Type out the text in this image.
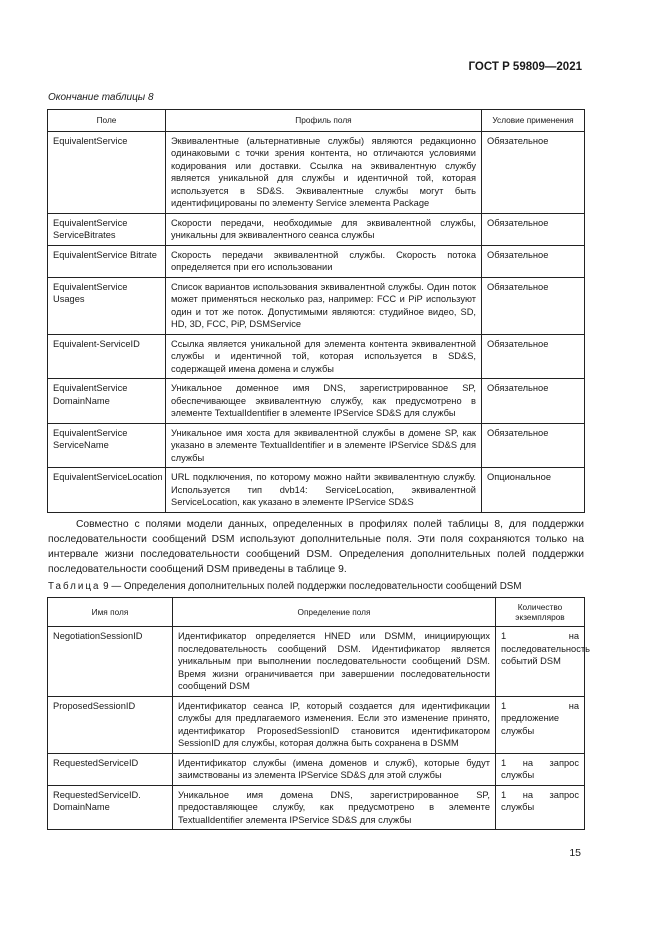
ГОСТ Р 59809—2021
Окончание таблицы 8
Поле	Профиль поля	Условие применения
EquivalentService	Эквивалентные (альтернативные службы) являются редакционно одинаковыми с точки зрения контента, но отличаются условиями кодирования или доставки. Ссылка на эквивалентную службу является уникальной для службы и идентичной той, которая используется в SD&S. Эквивалентные службы могут быть идентифицированы по элементу Service элемента Package	Обязательное
EquivalentService ServiceBitrates	Скорости передачи, необходимые для эквивалентной службы, уникальны для эквивалентного сеанса службы	Обязательное
EquivalentService Bitrate	Скорость передачи эквивалентной службы. Скорость потока определяется при его использовании	Обязательное
EquivalentService Usages	Список вариантов использования эквивалентной службы. Один поток может применяться несколько раз, например: FCC и PiP используют один и тот же поток. Допустимыми являются: студийное видео, SD, HD, 3D, FCC, PiP, DSMService	Обязательное
Equivalent-ServiceID	Ссылка является уникальной для элемента контента эквивалентной службы и идентичной той, которая используется в SD&S, содержащей имена домена и службы	Обязательное
EquivalentService DomainName	Уникальное доменное имя DNS, зарегистрированное SP, обеспечивающее эквивалентную службу, как предусмотрено в элементе TextualIdentifier в элементе IPService SD&S для службы	Обязательное
EquivalentService ServiceName	Уникальное имя хоста для эквивалентной службы в домене SP, как указано в элементе TextualIdentifier и в элементе IPService SD&S для службы	Обязательное
EquivalentServiceLocation	URL подключения, по которому можно найти эквивалентную службу. Используется тип dvb14: ServiceLocation, эквивалентной ServiceLocation, как указано в элементе IPService SD&S	Опциональное
Совместно с полями модели данных, определенных в профилях полей таблицы 8, для поддержки последовательности сообщений DSM используют дополнительные поля. Эти поля сохраняются только на интервале жизни последовательности сообщений DSM. Определения дополнительных полей поддержки последовательности сообщений DSM приведены в таблице 9.
Таблица 9 — Определения дополнительных полей поддержки последовательности сообщений DSM
Имя поля	Определение поля	Количество экземпляров
NegotiationSessionID	Идентификатор определяется HNED или DSMM, инициирующих последовательность сообщений DSM. Идентификатор является уникальным при выполнении последовательности сообщений DSM. Время жизни ограничивается при завершении последовательности сообщений DSM	1 на последовательность событий DSM
ProposedSessionID	Идентификатор сеанса IP, который создается для идентификации службы для предлагаемого изменения. Если это изменение принято, идентификатор ProposedSessionID становится идентификатором SessionID для службы, которая должна быть сохранена в DSMM	1 на предложение службы
RequestedServiceID	Идентификатор службы (имена доменов и служб), которые будут заимствованы из элемента IPService SD&S для этой службы	1 на запрос службы
RequestedServiceID. DomainName	Уникальное имя домена DNS, зарегистрированное SP, предоставляющее службу, как предусмотрено в элементе TextualIdentifier элемента IPService SD&S для службы	1 на запрос службы
15
